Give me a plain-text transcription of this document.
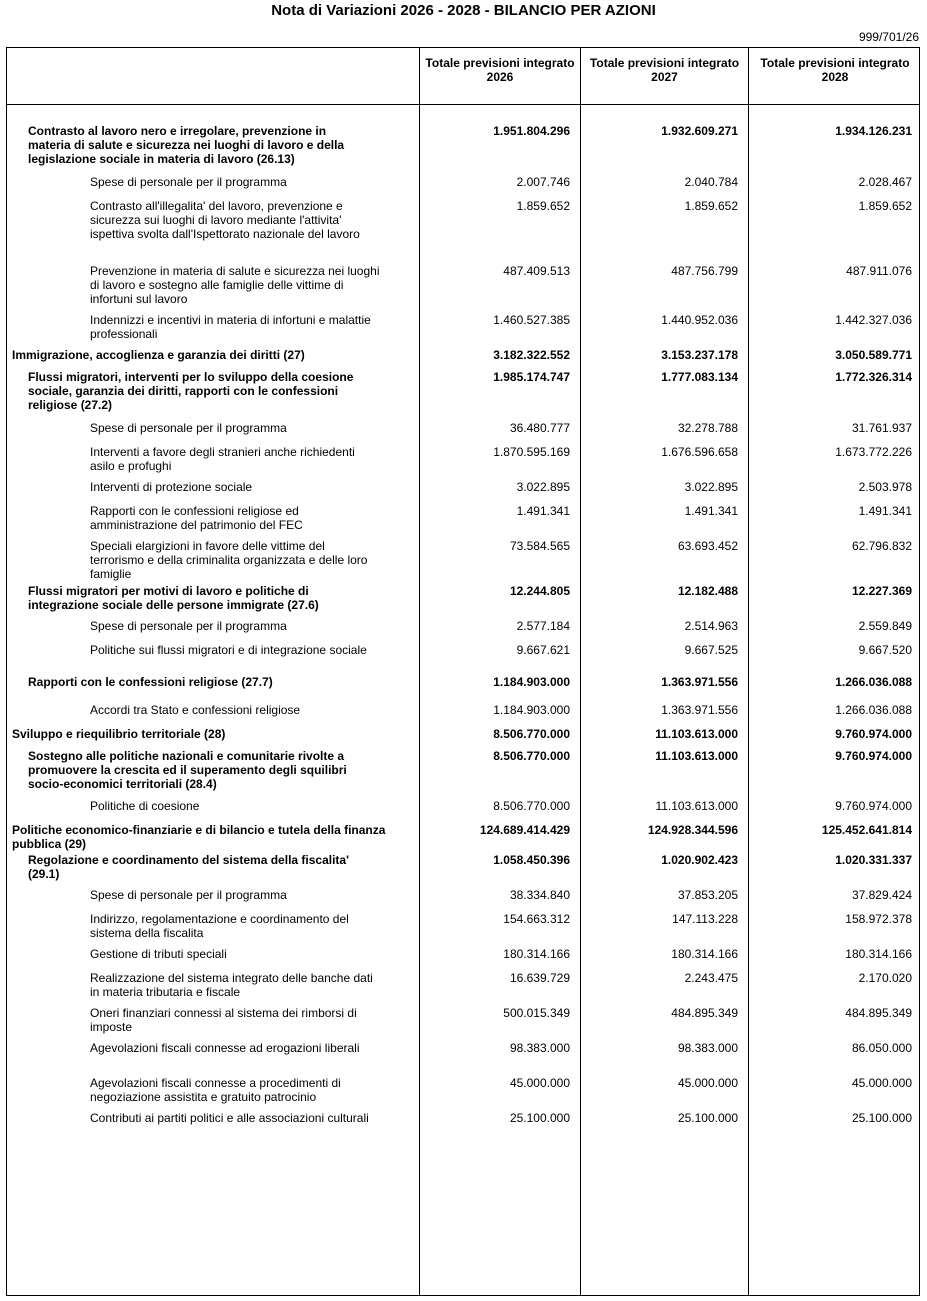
Nota di Variazioni 2026 - 2028 - BILANCIO PER AZIONI
999/701/26
Totale previsioni integrato 2026
Totale previsioni integrato 2027
Totale previsioni integrato 2028
Contrasto al lavoro nero e irregolare, prevenzione in materia di salute e sicurezza nei luoghi di lavoro e della legislazione sociale in materia di lavoro (26.13)
1.951.804.296	1.932.609.271	1.934.126.231
Spese di personale per il programma	2.007.746	2.040.784	2.028.467
Contrasto all'illegalita' del lavoro, prevenzione e sicurezza sui luoghi di lavoro mediante l'attivita' ispettiva svolta dall'Ispettorato nazionale del lavoro
1.859.652	1.859.652	1.859.652
Prevenzione in materia di salute e sicurezza nei luoghi di lavoro e sostegno alle famiglie delle vittime di infortuni sul lavoro
487.409.513	487.756.799	487.911.076
Indennizzi e incentivi in materia di infortuni e malattie professionali
1.460.527.385	1.440.952.036	1.442.327.036
Immigrazione, accoglienza e garanzia dei diritti (27)	3.182.322.552	3.153.237.178	3.050.589.771
Flussi migratori, interventi per lo sviluppo della coesione sociale, garanzia dei diritti, rapporti con le confessioni religiose (27.2)
1.985.174.747	1.777.083.134	1.772.326.314
Spese di personale per il programma	36.480.777	32.278.788	31.761.937
Interventi a favore degli stranieri anche richiedenti asilo e profughi
1.870.595.169	1.676.596.658	1.673.772.226
Interventi di protezione sociale	3.022.895	3.022.895	2.503.978
Rapporti con le confessioni religiose ed amministrazione del patrimonio del FEC
1.491.341	1.491.341	1.491.341
Speciali elargizioni in favore delle vittime del terrorismo e della criminalita organizzata e delle loro famiglie
73.584.565	63.693.452	62.796.832
Flussi migratori per motivi di lavoro e politiche di integrazione sociale delle persone immigrate (27.6)
12.244.805	12.182.488	12.227.369
Spese di personale per il programma	2.577.184	2.514.963	2.559.849
Politiche sui flussi migratori e di integrazione sociale	9.667.621	9.667.525	9.667.520
Rapporti con le confessioni religiose (27.7)	1.184.903.000	1.363.971.556	1.266.036.088
Accordi tra Stato e confessioni religiose	1.184.903.000	1.363.971.556	1.266.036.088
Sviluppo e riequilibrio territoriale (28)	8.506.770.000	11.103.613.000	9.760.974.000
Sostegno alle politiche nazionali e comunitarie rivolte a promuovere la crescita ed il superamento degli squilibri socio-economici territoriali (28.4)
8.506.770.000	11.103.613.000	9.760.974.000
Politiche di coesione	8.506.770.000	11.103.613.000	9.760.974.000
Politiche economico-finanziarie e di bilancio e tutela della finanza pubblica (29)
124.689.414.429	124.928.344.596	125.452.641.814
Regolazione e coordinamento del sistema della fiscalita' (29.1)
1.058.450.396	1.020.902.423	1.020.331.337
Spese di personale per il programma	38.334.840	37.853.205	37.829.424
Indirizzo, regolamentazione e coordinamento del sistema della fiscalita
154.663.312	147.113.228	158.972.378
Gestione di tributi speciali	180.314.166	180.314.166	180.314.166
Realizzazione del sistema integrato delle banche dati in materia tributaria e fiscale
16.639.729	2.243.475	2.170.020
Oneri finanziari connessi al sistema dei rimborsi di imposte
500.015.349	484.895.349	484.895.349
Agevolazioni fiscali connesse ad erogazioni liberali	98.383.000	98.383.000	86.050.000
Agevolazioni fiscali connesse a procedimenti di negoziazione assistita e gratuito patrocinio
45.000.000	45.000.000	45.000.000
Contributi ai partiti politici e alle associazioni culturali	25.100.000	25.100.000	25.100.000
